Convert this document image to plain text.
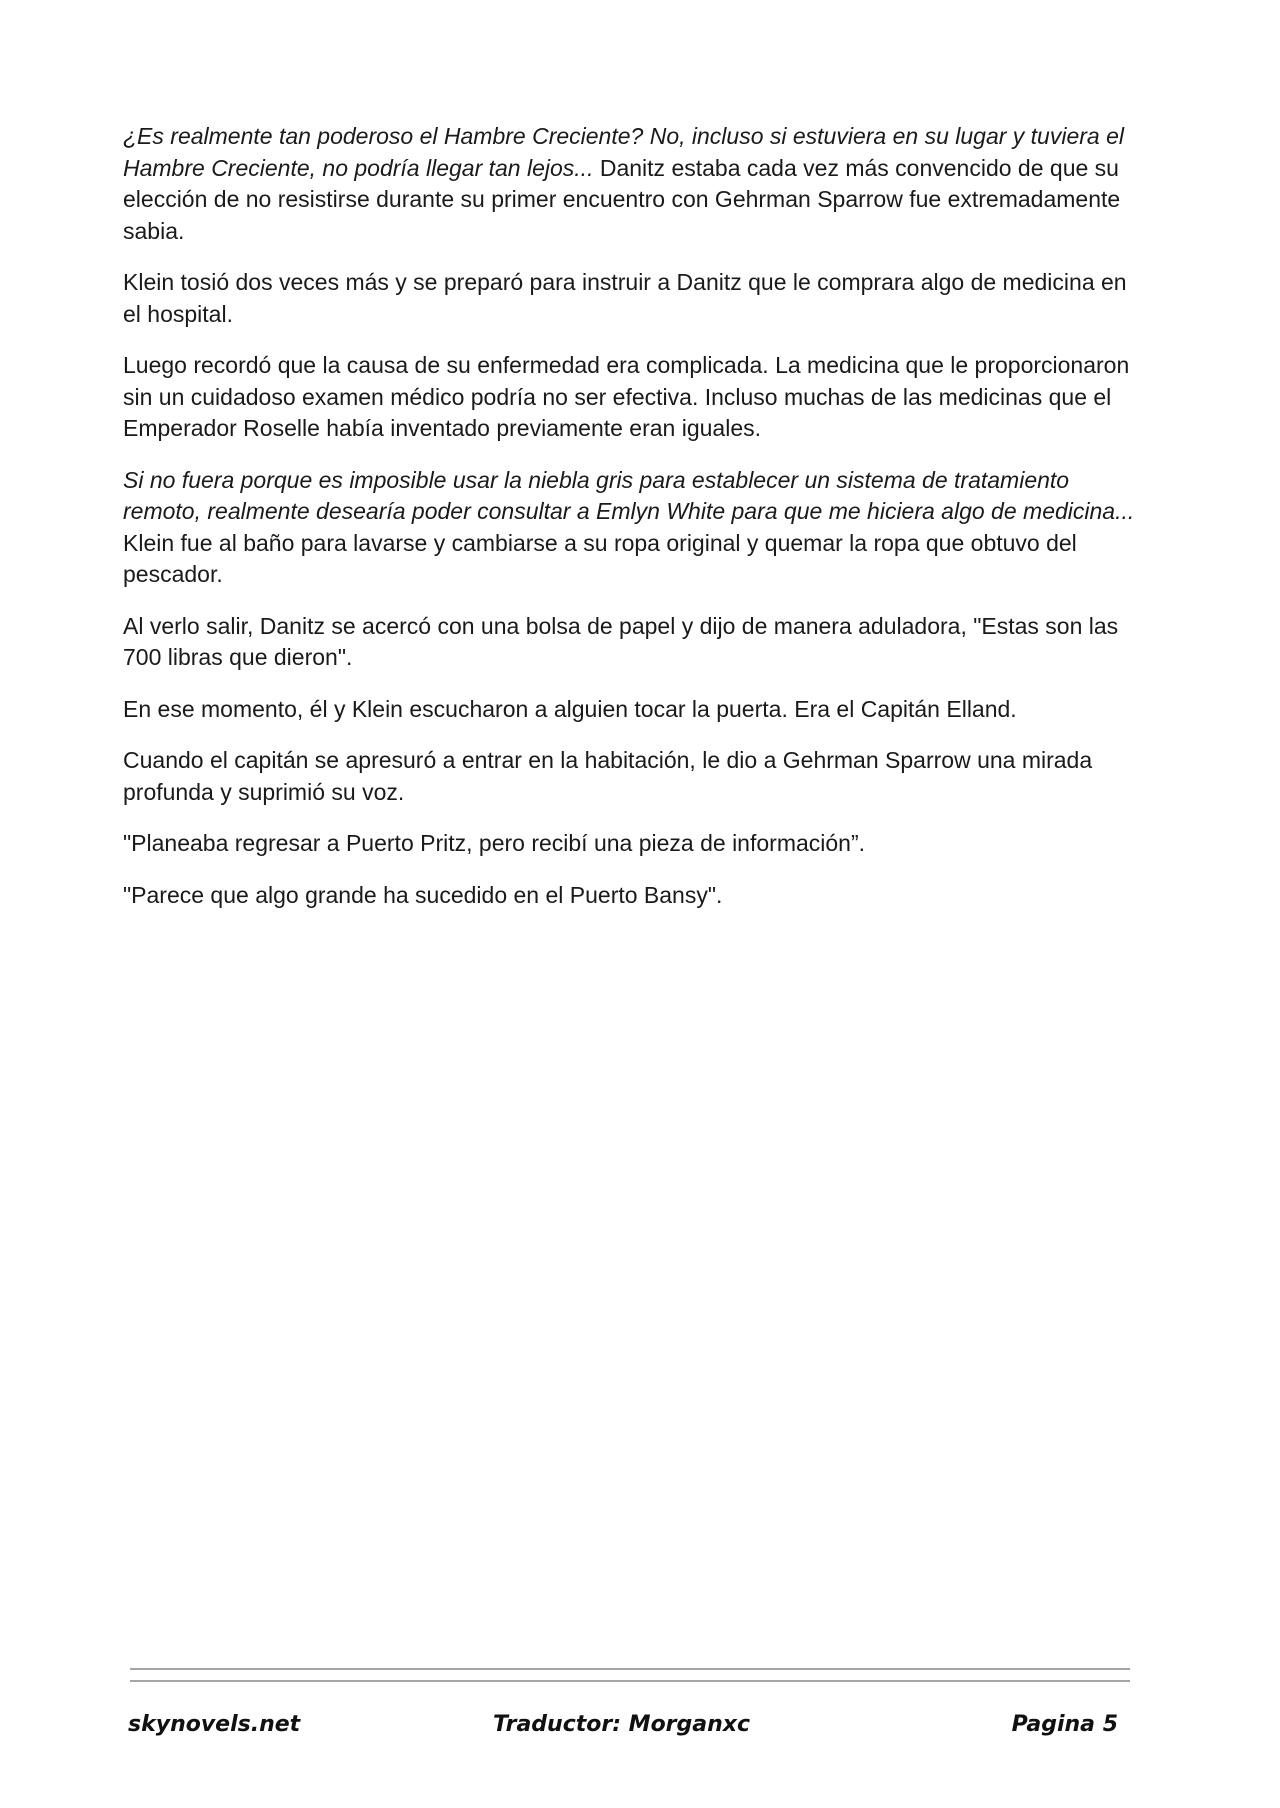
¿Es realmente tan poderoso el Hambre Creciente? No, incluso si estuviera en su lugar y tuviera el Hambre Creciente, no podría llegar tan lejos... Danitz estaba cada vez más convencido de que su elección de no resistirse durante su primer encuentro con Gehrman Sparrow fue extremadamente sabia.

Klein tosió dos veces más y se preparó para instruir a Danitz que le comprara algo de medicina en el hospital.

Luego recordó que la causa de su enfermedad era complicada. La medicina que le proporcionaron sin un cuidadoso examen médico podría no ser efectiva. Incluso muchas de las medicinas que el Emperador Roselle había inventado previamente eran iguales.

Si no fuera porque es imposible usar la niebla gris para establecer un sistema de tratamiento remoto, realmente desearía poder consultar a Emlyn White para que me hiciera algo de medicina... Klein fue al baño para lavarse y cambiarse a su ropa original y quemar la ropa que obtuvo del pescador.

Al verlo salir, Danitz se acercó con una bolsa de papel y dijo de manera aduladora, "Estas son las 700 libras que dieron".

En ese momento, él y Klein escucharon a alguien tocar la puerta. Era el Capitán Elland.

Cuando el capitán se apresuró a entrar en la habitación, le dio a Gehrman Sparrow una mirada profunda y suprimió su voz.

"Planeaba regresar a Puerto Pritz, pero recibí una pieza de información”.

"Parece que algo grande ha sucedido en el Puerto Bansy".

skynovels.net	Traductor: Morganxc	Pagina 5
